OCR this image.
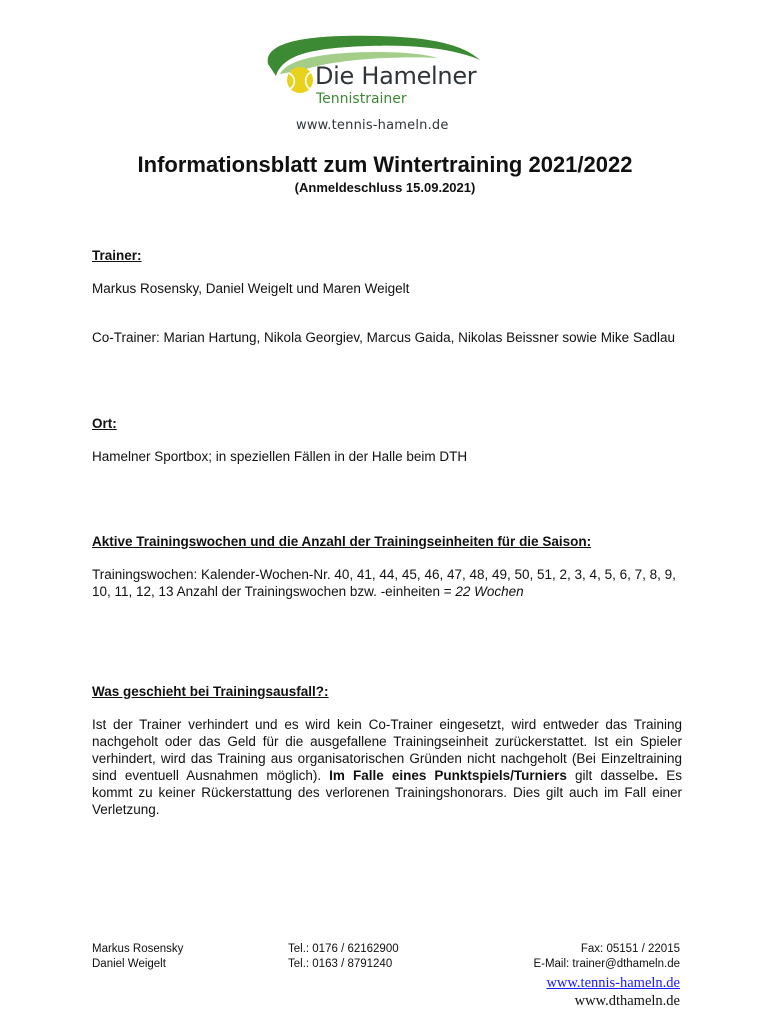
Die Hamelner
Tennistrainer
www.tennis-hameln.de
Informationsblatt zum Wintertraining 2021/2022
(Anmeldeschluss 15.09.2021)
Trainer:

Markus Rosensky, Daniel Weigelt und Maren Weigelt

Co-Trainer: Marian Hartung, Nikola Georgiev, Marcus Gaida, Nikolas Beissner sowie Mike Sadlau

Ort:

Hamelner Sportbox; in speziellen Fällen in der Halle beim DTH

Aktive Trainingswochen und die Anzahl der Trainingseinheiten für die Saison:

Trainingswochen: Kalender-Wochen-Nr. 40, 41, 44, 45, 46, 47, 48, 49, 50, 51, 2, 3, 4, 5, 6, 7, 8, 9, 10, 11, 12, 13 Anzahl der Trainingswochen bzw. -einheiten = 22 Wochen

Was geschieht bei Trainingsausfall?:

Ist der Trainer verhindert und es wird kein Co-Trainer eingesetzt, wird entweder das Training nachgeholt oder das Geld für die ausgefallene Trainingseinheit zurückerstattet. Ist ein Spieler verhindert, wird das Training aus organisatorischen Gründen nicht nachgeholt (Bei Einzeltraining sind eventuell Ausnahmen möglich). Im Falle eines Punktspiels/Turniers gilt dasselbe. Es kommt zu keiner Rückerstattung des verlorenen Trainingshonorars. Dies gilt auch im Fall einer Verletzung.

Markus Rosensky
Daniel Weigelt
Tel.: 0176 / 62162900
Tel.: 0163 / 8791240
Fax: 05151 / 22015
E-Mail: trainer@dthameln.de
www.tennis-hameln.de
www.dthameln.de
